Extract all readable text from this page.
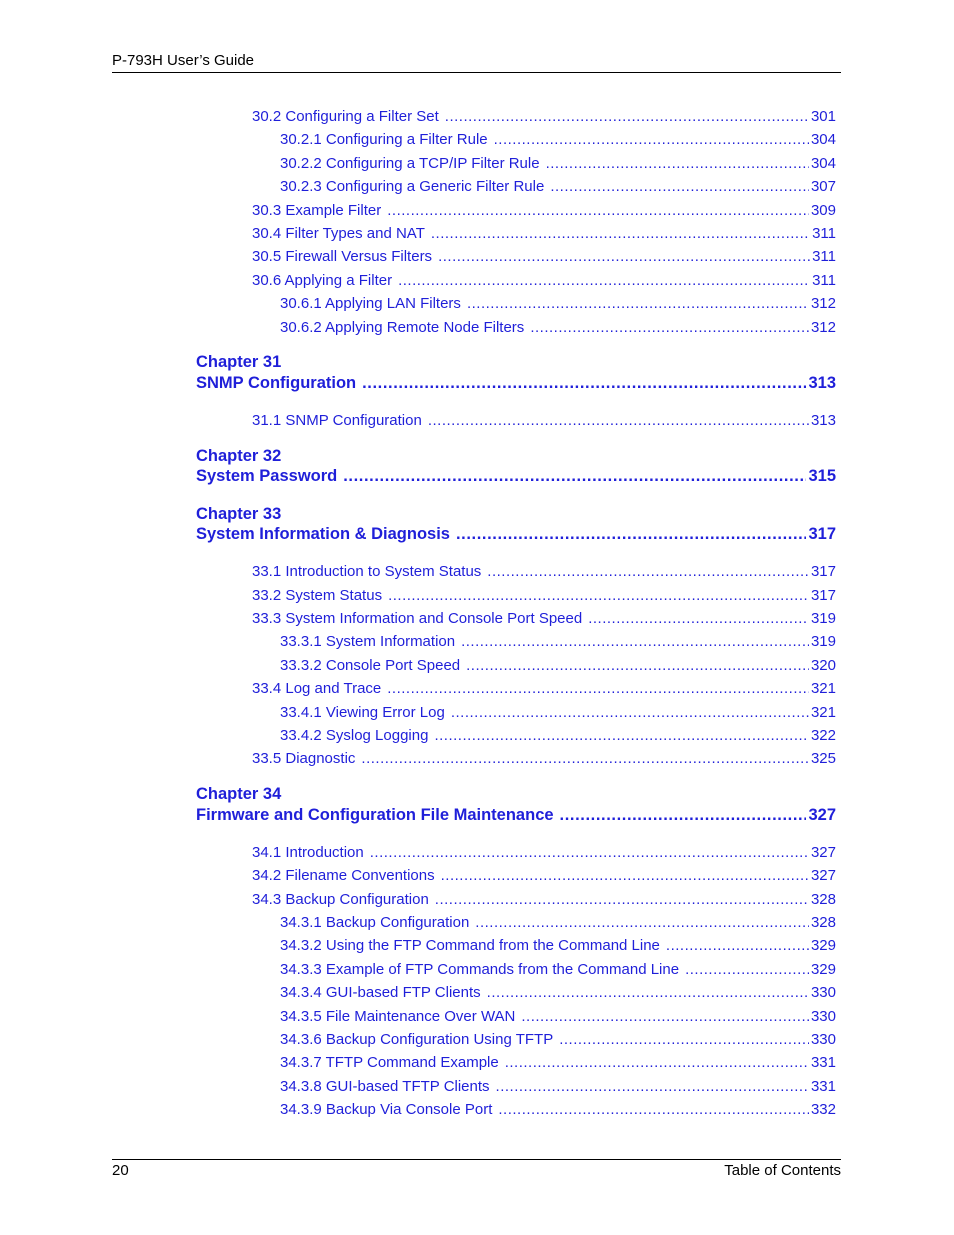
P-793H User’s Guide
30.2 Configuring a Filter Set .....	301
30.2.1 Configuring a Filter Rule .....	304
30.2.2 Configuring a TCP/IP Filter Rule .....	304
30.2.3 Configuring a Generic Filter Rule .....	307
30.3 Example Filter .....	309
30.4 Filter Types and NAT .....	311
30.5 Firewall Versus Filters .....	311
30.6 Applying a Filter .....	311
30.6.1 Applying LAN Filters .....	312
30.6.2 Applying Remote Node Filters .....	312
Chapter 31
SNMP Configuration .....	313
31.1 SNMP Configuration .....	313
Chapter 32
System Password .....	315
Chapter 33
System Information & Diagnosis .....	317
33.1 Introduction to System Status .....	317
33.2 System Status .....	317
33.3 System Information and Console Port Speed .....	319
33.3.1 System Information .....	319
33.3.2 Console Port Speed .....	320
33.4 Log and Trace .....	321
33.4.1 Viewing Error Log .....	321
33.4.2 Syslog Logging .....	322
33.5 Diagnostic .....	325
Chapter 34
Firmware and Configuration File Maintenance .....	327
34.1 Introduction .....	327
34.2 Filename Conventions .....	327
34.3 Backup Configuration .....	328
34.3.1 Backup Configuration .....	328
34.3.2 Using the FTP Command from the Command Line .....	329
34.3.3 Example of FTP Commands from the Command Line .....	329
34.3.4 GUI-based FTP Clients .....	330
34.3.5 File Maintenance Over WAN .....	330
34.3.6 Backup Configuration Using TFTP .....	330
34.3.7 TFTP Command Example .....	331
34.3.8 GUI-based TFTP Clients .....	331
34.3.9 Backup Via Console Port .....	332
20	Table of Contents
